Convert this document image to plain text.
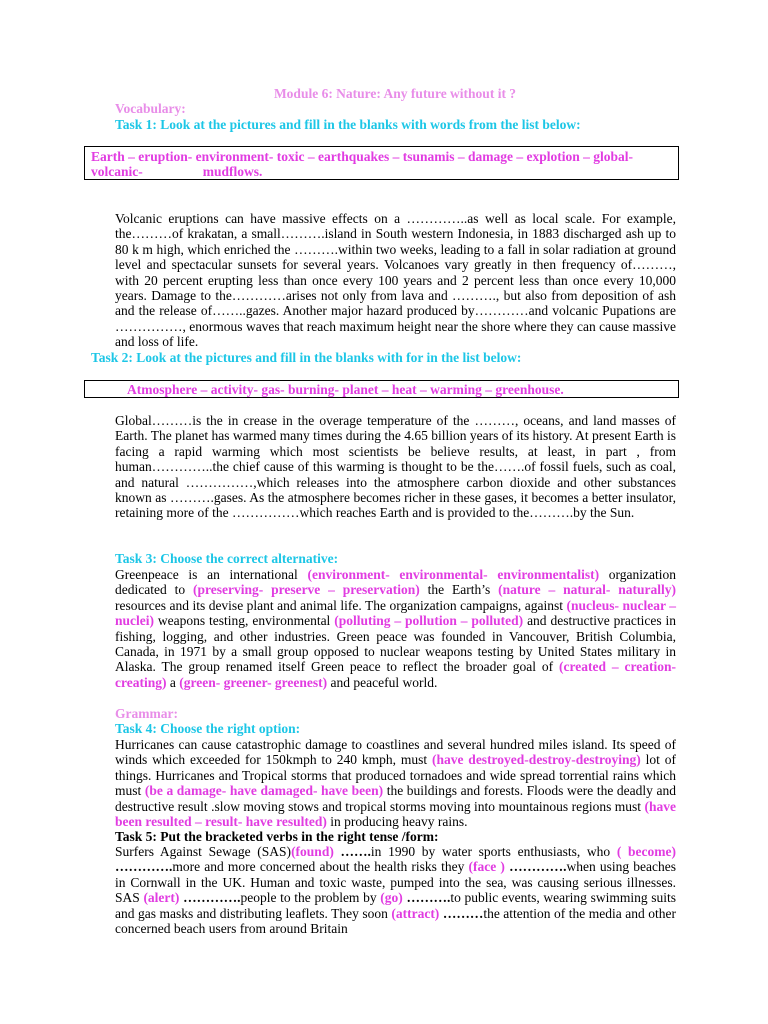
Module 6: Nature: Any future without it ?
Vocabulary:
Task 1: Look at the pictures and fill in the blanks with words from the list below:
Earth – eruption- environment- toxic – earthquakes – tsunamis – damage – explotion – global-
volcanic-	mudflows.
Volcanic eruptions can have massive effects on a …………..as well as local scale. For example, the………of krakatan, a small……….island in South western Indonesia, in 1883 discharged ash up to 80 k m high, which enriched the ……….within two weeks, leading to a fall in solar radiation at ground level and spectacular sunsets for several years. Volcanoes vary greatly in then frequency of………, with 20 percent erupting less than once every 100 years and 2 percent less than once every 10,000 years. Damage to the…………arises not only from lava and ………., but also from deposition of ash and the release of……..gazes. Another major hazard produced by…………and volcanic Pupations are ……………, enormous waves that reach maximum height near the shore where they can cause massive and loss of life.
Task 2: Look at the pictures and fill in the blanks with for in the list below:
Atmosphere – activity- gas- burning- planet – heat – warming – greenhouse.
Global………is the in crease in the overage temperature of the ………, oceans, and land masses of Earth. The planet has warmed many times during the 4.65 billion years of its history. At present Earth is facing a rapid warming which most scientists be believe results, at least, in part , from human…………..the chief cause of this warming is thought to be the…….of fossil fuels, such as coal, and natural ……………,which releases into the atmosphere carbon dioxide and other substances known as ……….gases. As the atmosphere becomes richer in these gases, it becomes a better insulator, retaining more of the ……………which reaches Earth and is provided to the……….by the Sun.
Task 3: Choose the correct alternative:
Greenpeace is an international (environment- environmental- environmentalist) organization dedicated to (preserving- preserve – preservation) the Earth’s (nature – natural- naturally) resources and its devise plant and animal life. The organization campaigns, against (nucleus- nuclear – nuclei) weapons testing, environmental (polluting – pollution – polluted) and destructive practices in fishing, logging, and other industries. Green peace was founded in Vancouver, British Columbia, Canada, in 1971 by a small group opposed to nuclear weapons testing by United States military in Alaska. The group renamed itself Green peace to reflect the broader goal of (created – creation- creating) a (green- greener- greenest) and peaceful world.
Grammar:
Task 4: Choose the right option:
Hurricanes can cause catastrophic damage to coastlines and several hundred miles island. Its speed of winds which exceeded for 150kmph to 240 kmph, must (have destroyed-destroy-destroying) lot of things. Hurricanes and Tropical storms that produced tornadoes and wide spread torrential rains which must (be a damage- have damaged- have been) the buildings and forests. Floods were the deadly and destructive result .slow moving stows and tropical storms moving into mountainous regions must (have been resulted – result- have resulted) in producing heavy rains.
Task 5: Put the bracketed verbs in the right tense /form:
Surfers Against Sewage (SAS)(found) …….in 1990 by water sports enthusiasts, who ( become) ………….more and more concerned about the health risks they (face ) ………….when using beaches in Cornwall in the UK. Human and toxic waste, pumped into the sea, was causing serious illnesses. SAS (alert) ………….people to the problem by (go) ……….to public events, wearing swimming suits and gas masks and distributing leaflets. They soon (attract) ………the attention of the media and other concerned beach users from around Britain
